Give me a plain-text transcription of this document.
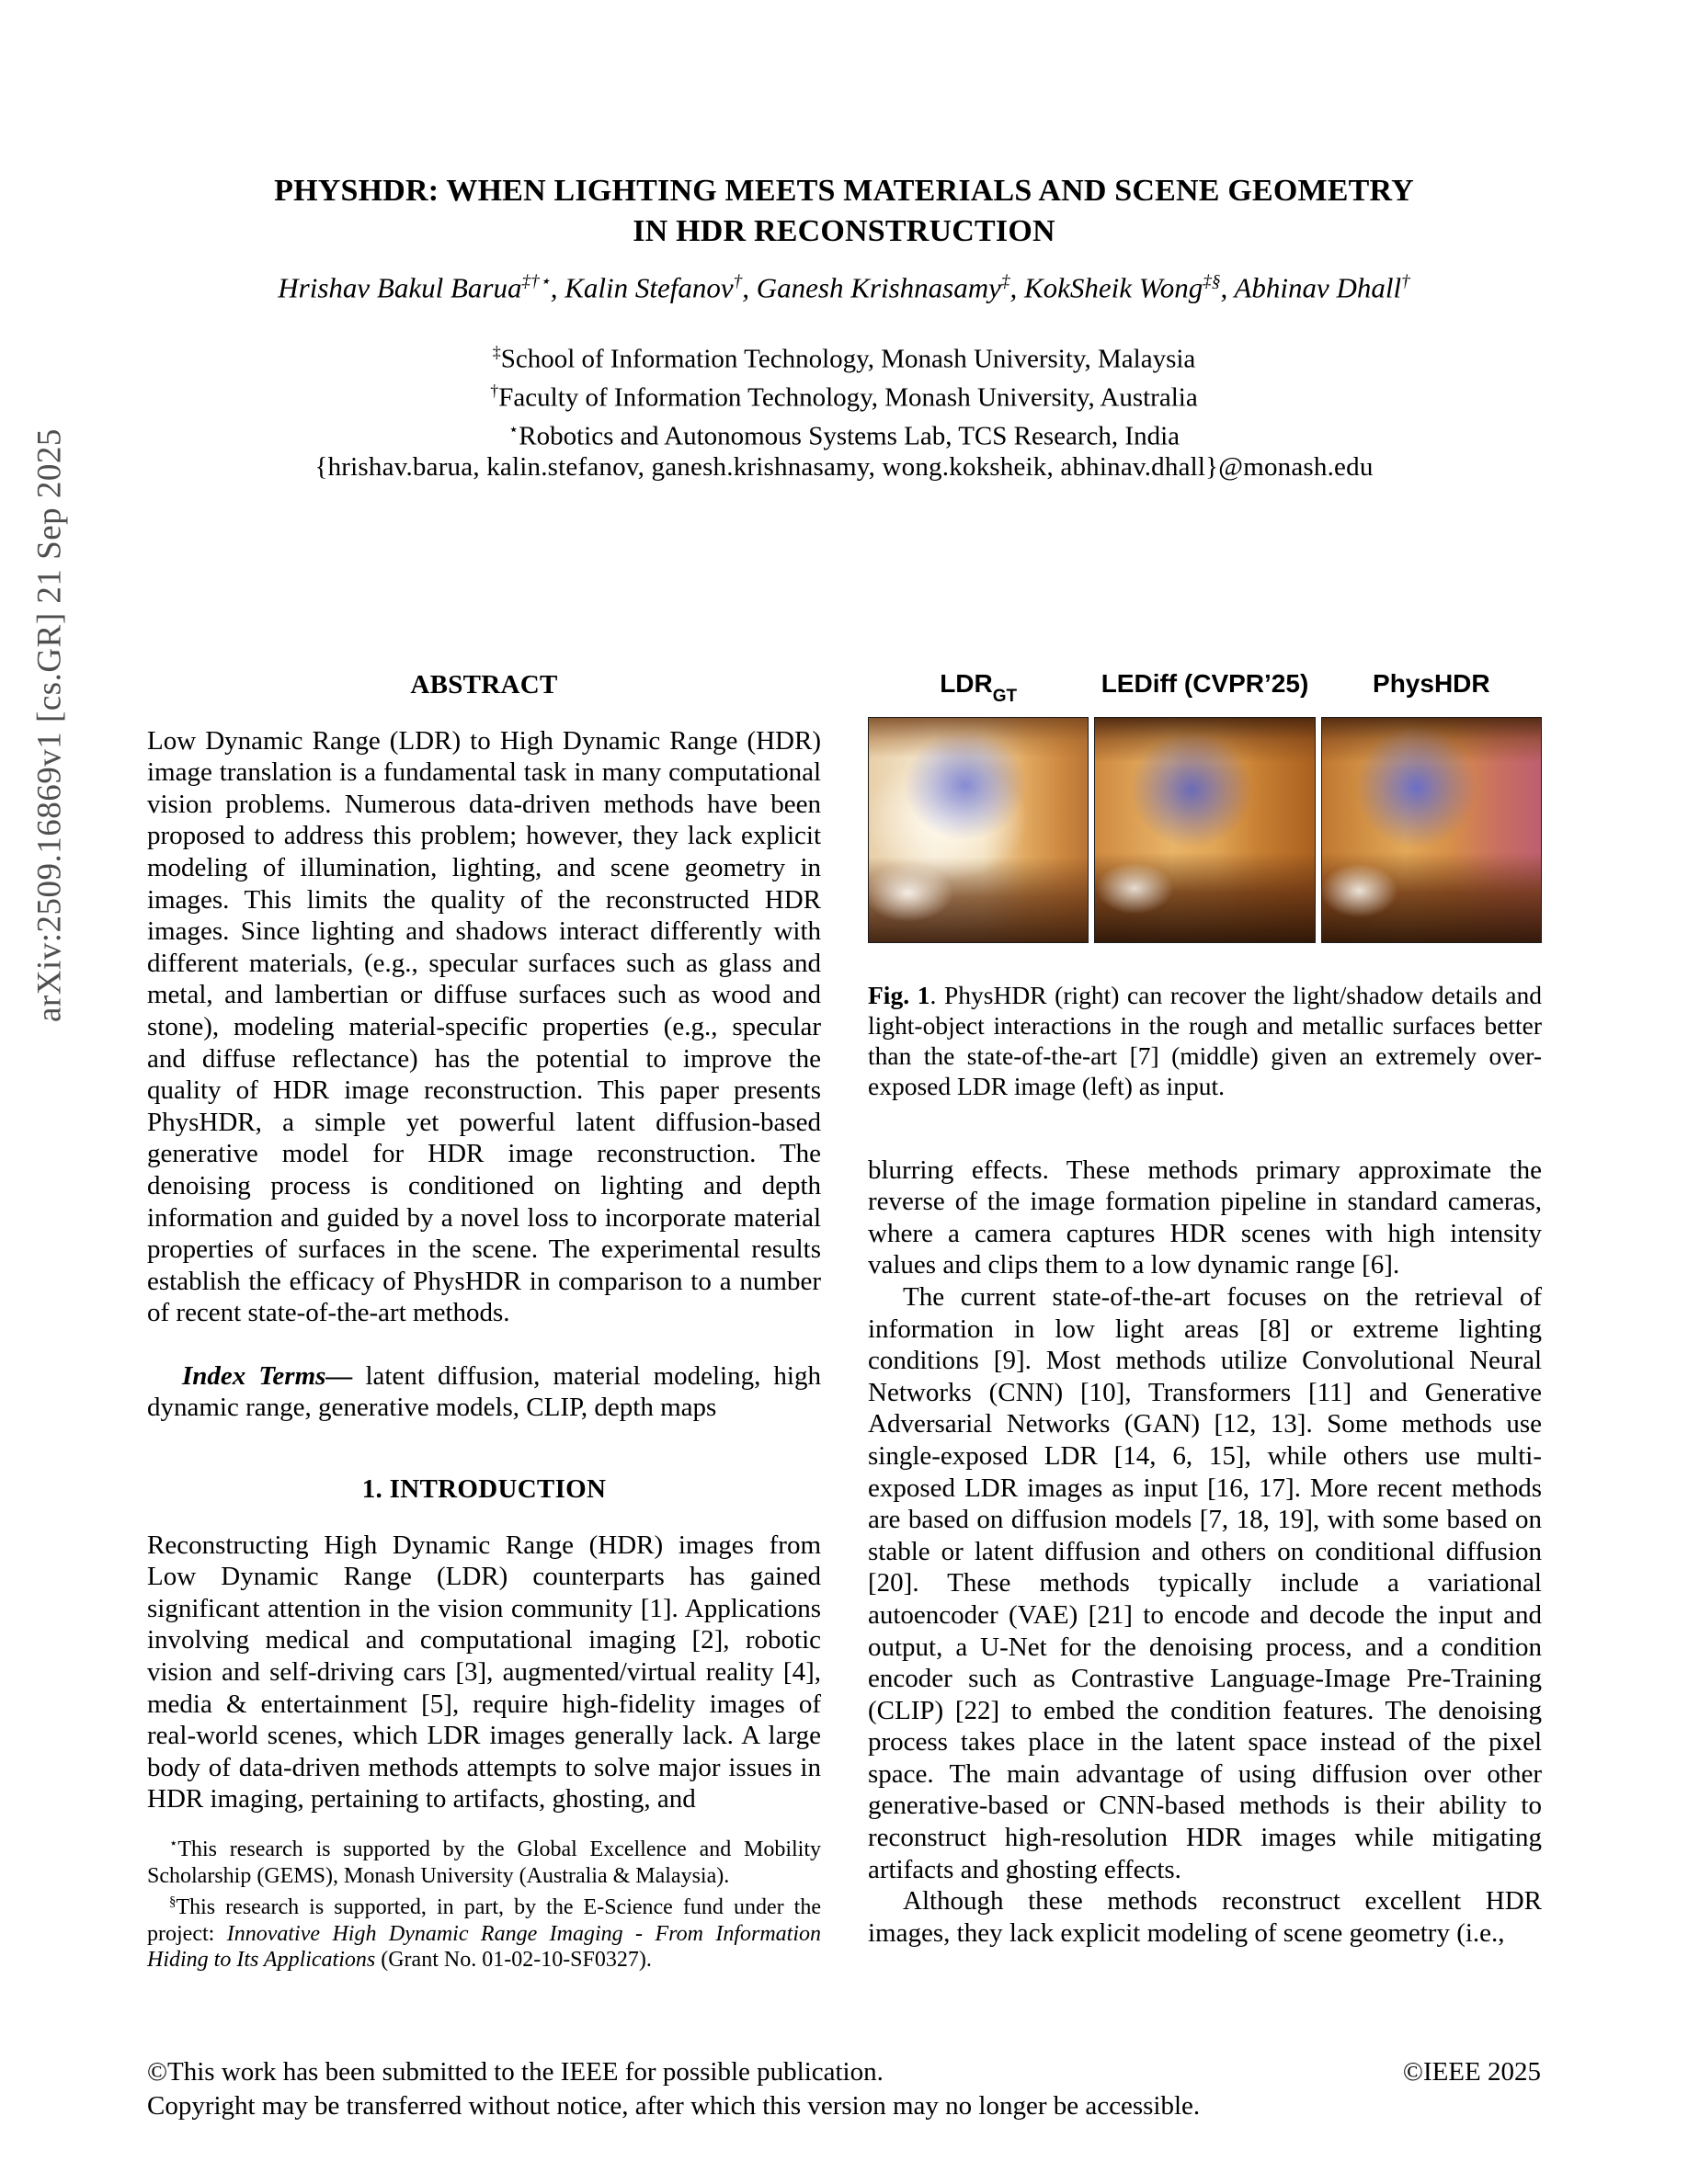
arXiv:2509.16869v1 [cs.GR] 21 Sep 2025
PHYSHDR: WHEN LIGHTING MEETS MATERIALS AND SCENE GEOMETRY
IN HDR RECONSTRUCTION
Hrishav Bakul Barua‡†⋆, Kalin Stefanov†, Ganesh Krishnasamy‡, KokSheik Wong‡§, Abhinav Dhall†
‡School of Information Technology, Monash University, Malaysia
†Faculty of Information Technology, Monash University, Australia
⋆Robotics and Autonomous Systems Lab, TCS Research, India
{hrishav.barua, kalin.stefanov, ganesh.krishnasamy, wong.koksheik, abhinav.dhall}@monash.edu
ABSTRACT

Low Dynamic Range (LDR) to High Dynamic Range (HDR) image translation is a fundamental task in many computational vision problems. Numerous data-driven methods have been proposed to address this problem; however, they lack explicit modeling of illumination, lighting, and scene geometry in images. This limits the quality of the reconstructed HDR images. Since lighting and shadows interact differently with different materials, (e.g., specular surfaces such as glass and metal, and lambertian or diffuse surfaces such as wood and stone), modeling material-specific properties (e.g., specular and diffuse reflectance) has the potential to improve the quality of HDR image reconstruction. This paper presents PhysHDR, a simple yet powerful latent diffusion-based generative model for HDR image reconstruction. The denoising process is conditioned on lighting and depth information and guided by a novel loss to incorporate material properties of surfaces in the scene. The experimental results establish the efficacy of PhysHDR in comparison to a number of recent state-of-the-art methods.

Index Terms— latent diffusion, material modeling, high dynamic range, generative models, CLIP, depth maps

1. INTRODUCTION

Reconstructing High Dynamic Range (HDR) images from Low Dynamic Range (LDR) counterparts has gained significant attention in the vision community [1]. Applications involving medical and computational imaging [2], robotic vision and self-driving cars [3], augmented/virtual reality [4], media & entertainment [5], require high-fidelity images of real-world scenes, which LDR images generally lack. A large body of data-driven methods attempts to solve major issues in HDR imaging, pertaining to artifacts, ghosting, and

$LDR_{GT}$	LEDiff (CVPR’25)	PhysHDR
Fig. 1. PhysHDR (right) can recover the light/shadow details and light-object interactions in the rough and metallic surfaces better than the state-of-the-art [7] (middle) given an extremely over-exposed LDR image (left) as input.

blurring effects. These methods primary approximate the reverse of the image formation pipeline in standard cameras, where a camera captures HDR scenes with high intensity values and clips them to a low dynamic range [6].

The current state-of-the-art focuses on the retrieval of information in low light areas [8] or extreme lighting conditions [9]. Most methods utilize Convolutional Neural Networks (CNN) [10], Transformers [11] and Generative Adversarial Networks (GAN) [12, 13]. Some methods use single-exposed LDR [14, 6, 15], while others use multi-exposed LDR images as input [16, 17]. More recent methods are based on diffusion models [7, 18, 19], with some based on stable or latent diffusion and others on conditional diffusion [20]. These methods typically include a variational autoencoder (VAE) [21] to encode and decode the input and output, a U-Net for the denoising process, and a condition encoder such as Contrastive Language-Image Pre-Training (CLIP) [22] to embed the condition features. The denoising process takes place in the latent space instead of the pixel space. The main advantage of using diffusion over other generative-based or CNN-based methods is their ability to reconstruct high-resolution HDR images while mitigating artifacts and ghosting effects.

Although these methods reconstruct excellent HDR images, they lack explicit modeling of scene geometry (i.e.,

⋆This research is supported by the Global Excellence and Mobility Scholarship (GEMS), Monash University (Australia & Malaysia).

§This research is supported, in part, by the E-Science fund under the project: Innovative High Dynamic Range Imaging - From Information Hiding to Its Applications (Grant No. 01-02-10-SF0327).

©This work has been submitted to the IEEE for possible publication.	©IEEE 2025
Copyright may be transferred without notice, after which this version may no longer be accessible.
